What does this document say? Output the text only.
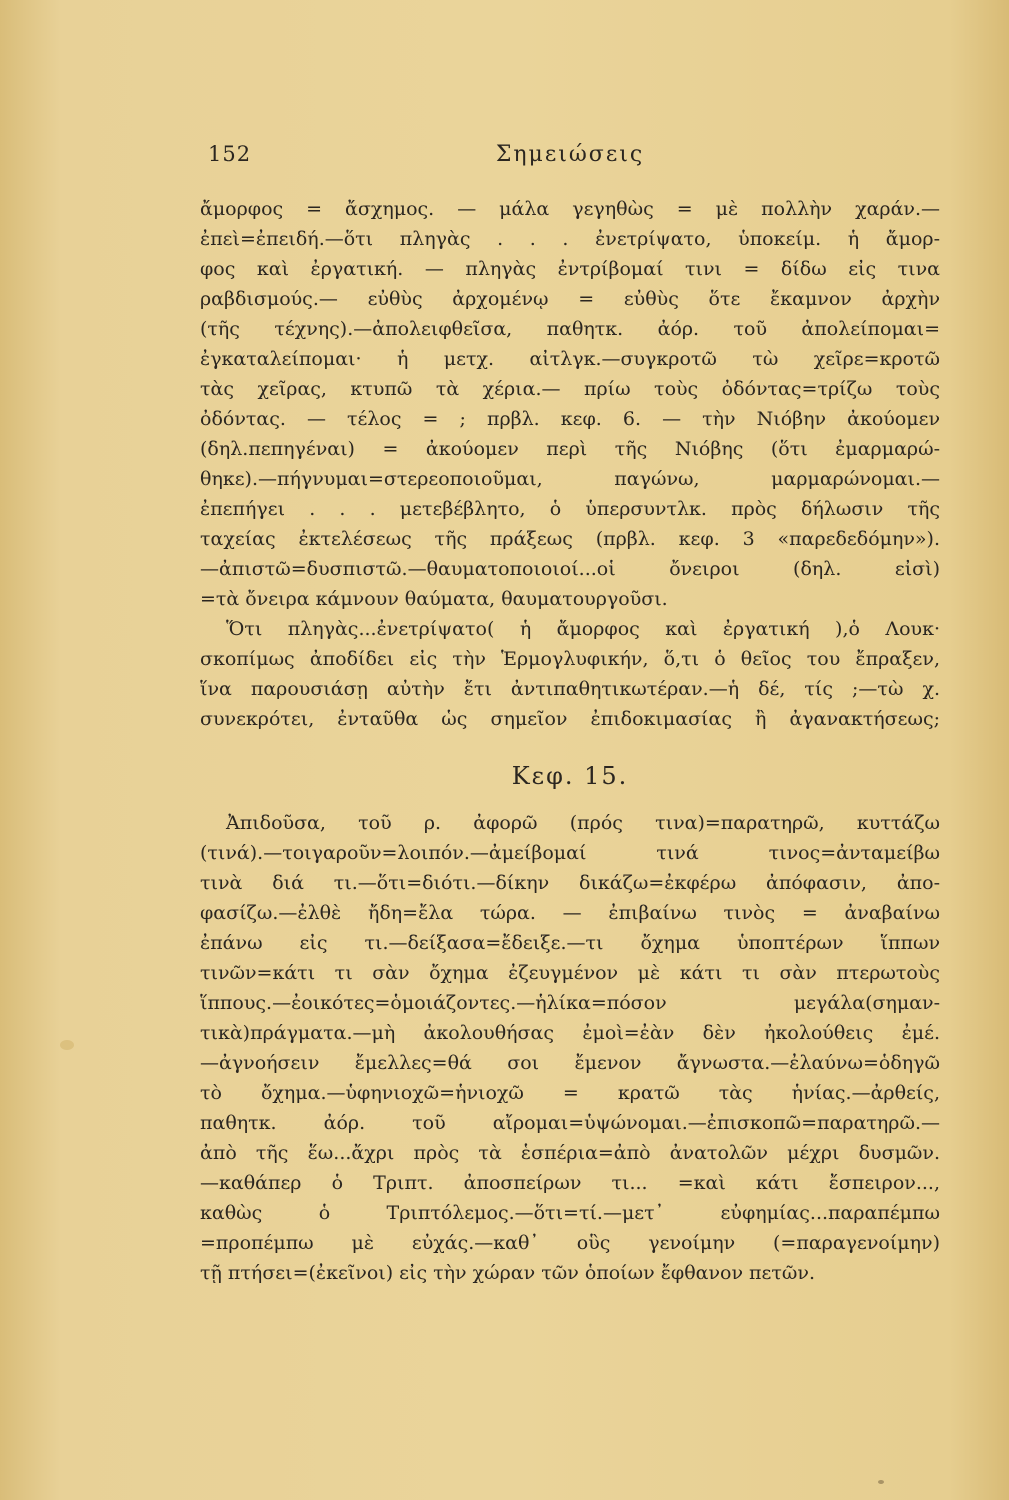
152	Σημειώσεις
ἄμορφος = ἄσχημος. — μάλα γεγηθὼς = μὲ πολλὴν χαράν.—
ἐπεὶ=ἐπειδή.—ὅτι πληγὰς . . . ἐνετρίψατο, ὑποκείμ. ἡ ἄμορ-
φος καὶ ἐργατική. — πληγὰς ἐντρίβομαί τινι = δίδω εἰς τινα
ραβδισμούς.— εὐθὺς ἀρχομένῳ = εὐθὺς ὅτε ἔκαμνον ἀρχὴν
(τῆς τέχνης).—ἀπολειφθεῖσα, παθητκ. ἀόρ. τοῦ ἀπολείπομαι=
ἐγκαταλείπομαι· ἡ μετχ. αἰτλγκ.—συγκροτῶ τὼ χεῖρε=κροτῶ
τὰς χεῖρας, κτυπῶ τὰ χέρια.— πρίω τοὺς ὀδόντας=τρίζω τοὺς
ὀδόντας. — τέλος = ; πρβλ. κεφ. 6. — τὴν Νιόβην ἀκούομεν
(δηλ.πεπηγέναι) = ἀκούομεν περὶ τῆς Νιόβης (ὅτι ἐμαρμαρώ-
θηκε).—πήγνυμαι=στερεοποιοῦμαι, παγώνω, μαρμαρώνομαι.—
ἐπεπήγει . . . μετεβέβλητο, ὁ ὑπερσυντλκ. πρὸς δήλωσιν τῆς
ταχείας ἐκτελέσεως τῆς πράξεως (πρβλ. κεφ. 3 «παρεδεδόμην»).
—ἀπιστῶ=δυσπιστῶ.—θαυματοποιοιοί...οἱ ὄνειροι (δηλ. εἰσὶ)
=τὰ ὄνειρα κάμνουν θαύματα, θαυματουργοῦσι.
Ὅτι πληγὰς...ἐνετρίψατο( ἡ ἄμορφος καὶ ἐργατική ),ὁ Λουκ·
σκοπίμως ἀποδίδει εἰς τὴν Ἑρμογλυφικήν, ὅ,τι ὁ θεῖος του ἔπραξεν,
ἵνα παρουσιάσῃ αὐτὴν ἔτι ἀντιπαθητικωτέραν.—ἡ δέ, τίς ;—τὼ χ.
συνεκρότει, ἐνταῦθα ὡς σημεῖον ἐπιδοκιμασίας ἢ ἀγανακτήσεως;
Κεφ. 15.
Ἀπιδοῦσα, τοῦ ρ. ἀφορῶ (πρός τινα)=παρατηρῶ, κυττάζω
(τινά).—τοιγαροῦν=λοιπόν.—ἀμείβομαί τινά τινος=ἀνταμείβω
τινὰ διά τι.—ὅτι=διότι.—δίκην δικάζω=ἐκφέρω ἀπόφασιν, ἀπο-
φασίζω.—ἐλθὲ ἤδη=ἔλα τώρα. — ἐπιβαίνω τινὸς = ἀναβαίνω
ἐπάνω εἰς τι.—δείξασα=ἔδειξε.—τι ὄχημα ὑποπτέρων ἵππων
τινῶν=κάτι τι σὰν ὄχημα ἐζευγμένον μὲ κάτι τι σὰν πτερωτοὺς
ἵππους.—ἐοικότες=ὁμοιάζοντες.—ἡλίκα=πόσον μεγάλα(σημαν-
τικὰ)πράγματα.—μὴ ἀκολουθήσας ἐμοὶ=ἐὰν δὲν ἠκολούθεις ἐμέ.
—ἀγνοήσειν ἔμελλες=θά σοι ἔμενον ἄγνωστα.—ἐλαύνω=ὁδηγῶ
τὸ ὄχημα.—ὑφηνιοχῶ=ἡνιοχῶ = κρατῶ τὰς ἡνίας.—ἀρθείς,
παθητκ. ἀόρ. τοῦ αἴρομαι=ὑψώνομαι.—ἐπισκοπῶ=παρατηρῶ.—
ἀπὸ τῆς ἕω...ἄχρι πρὸς τὰ ἑσπέρια=ἀπὸ ἀνατολῶν μέχρι δυσμῶν.
—καθάπερ ὁ Τριπτ. ἀποσπείρων τι... =καὶ κάτι ἔσπειρον...,
καθὼς ὁ Τριπτόλεμος.—ὅτι=τί.—μετ᾽ εὐφημίας...παραπέμπω
=προπέμπω μὲ εὐχάς.—καθ᾽ οὓς γενοίμην (=παραγενοίμην)
τῇ πτήσει=(ἐκεῖνοι) εἰς τὴν χώραν τῶν ὁποίων ἔφθανον πετῶν.
